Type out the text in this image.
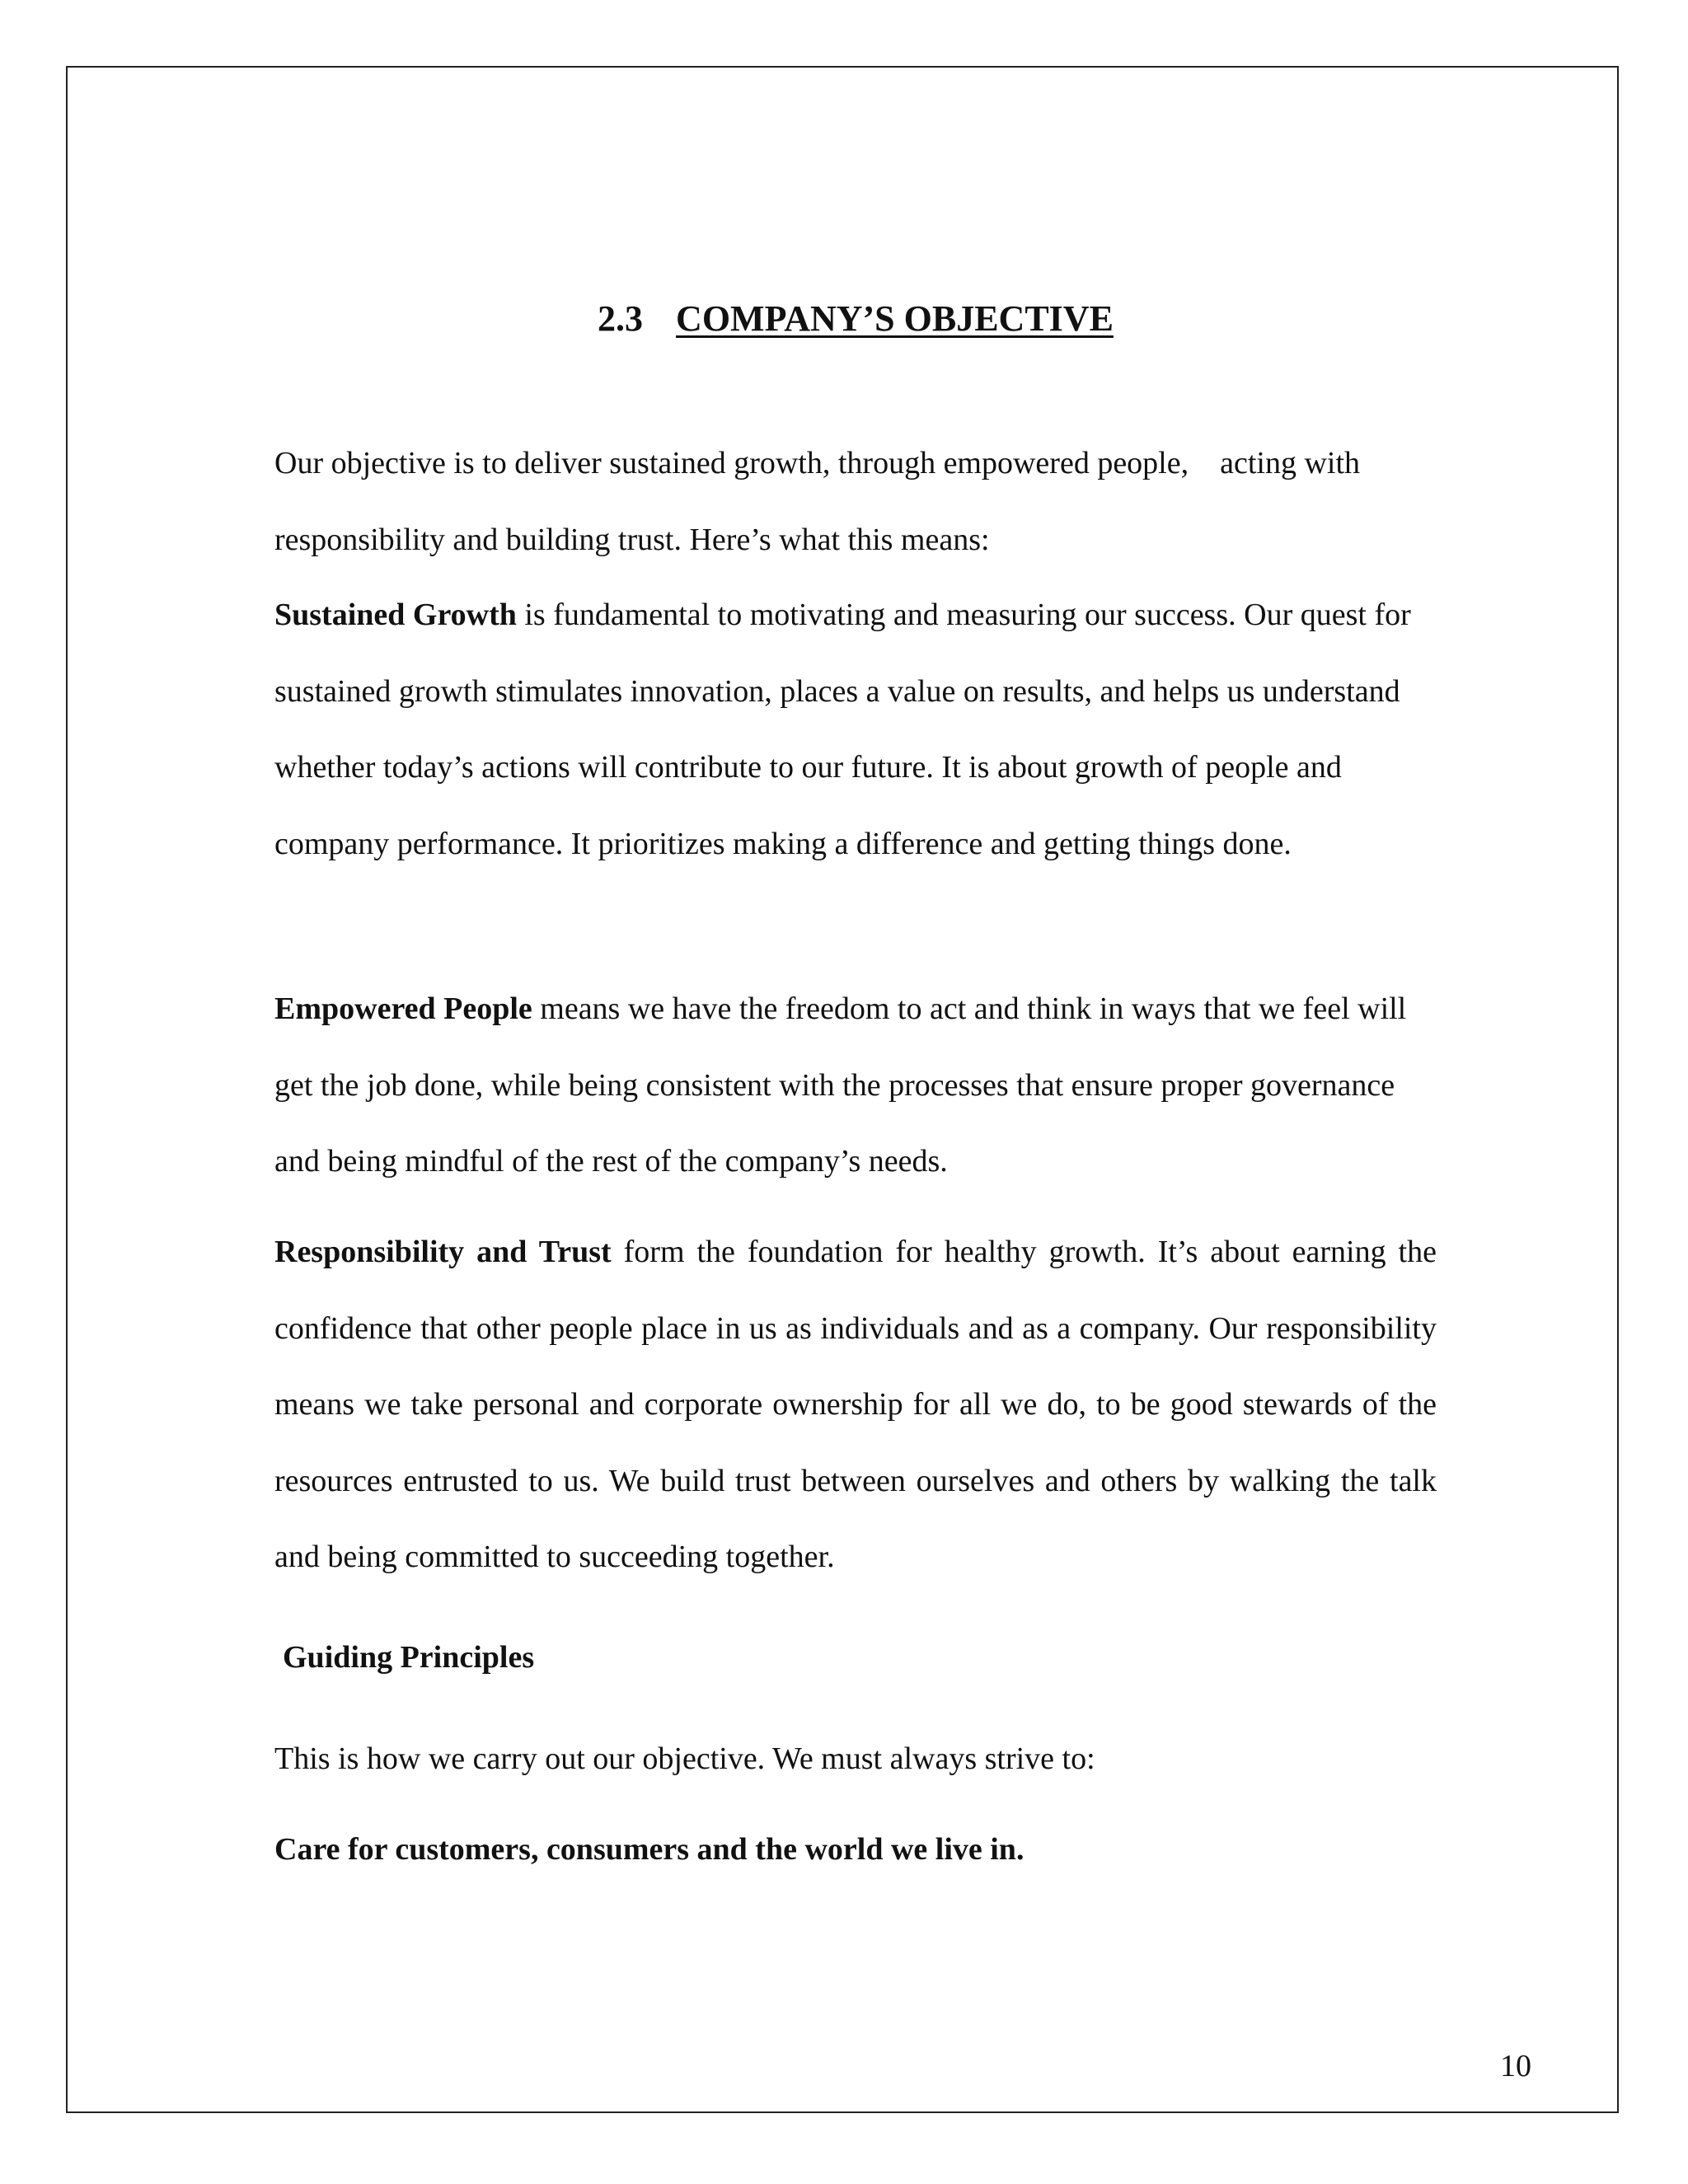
2.3 COMPANY’S OBJECTIVE

Our objective is to deliver sustained growth, through empowered people,    acting with responsibility and building trust. Here’s what this means:

Sustained Growth is fundamental to motivating and measuring our success. Our quest for sustained growth stimulates innovation, places a value on results, and helps us understand whether today’s actions will contribute to our future. It is about growth of people and company performance. It prioritizes making a difference and getting things done.

Empowered People means we have the freedom to act and think in ways that we feel will get the job done, while being consistent with the processes that ensure proper governance and being mindful of the rest of the company’s needs.

Responsibility and Trust form the foundation for healthy growth. It’s about earning the confidence that other people place in us as individuals and as a company. Our responsibility means we take personal and corporate ownership for all we do, to be good stewards of the resources entrusted to us. We build trust between ourselves and others by walking the talk and being committed to succeeding together.

Guiding Principles

This is how we carry out our objective. We must always strive to:

Care for customers, consumers and the world we live in.

10
